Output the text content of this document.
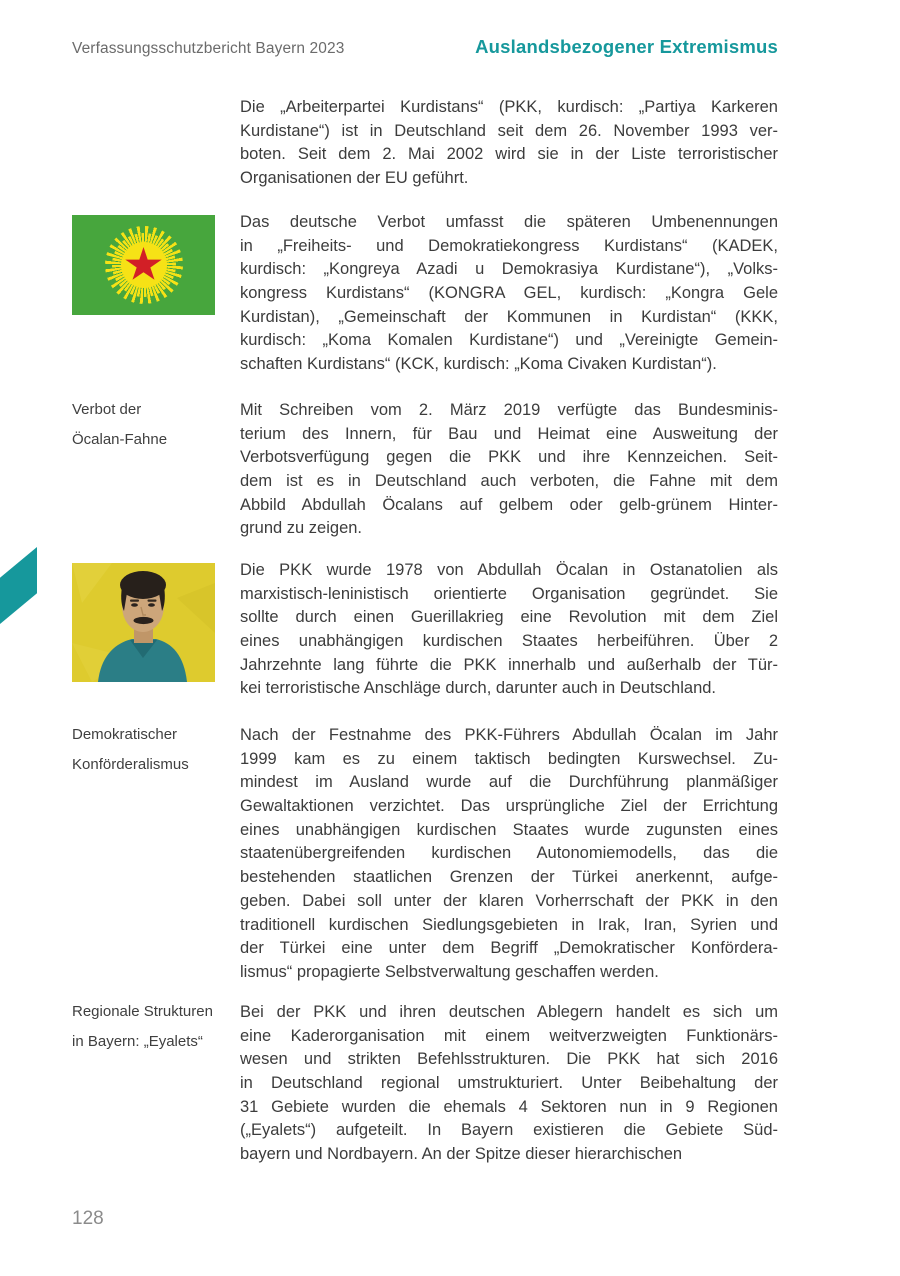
Verfassungsschutzbericht Bayern 2023	Auslandsbezogener Extremismus
Verbot der
Öcalan-Fahne
Demokratischer
Konförderalismus
Regionale Strukturen
in Bayern: „Eyalets“
Die „Arbeiterpartei Kurdistans“ (PKK, kurdisch: „Partiya Karkeren
Kurdistane“) ist in Deutschland seit dem 26. November 1993 ver-
boten. Seit dem 2. Mai 2002 wird sie in der Liste terroristischer
Organisationen der EU geführt.
Das deutsche Verbot umfasst die späteren Umbenennungen
in „Freiheits- und Demokratiekongress Kurdistans“ (KADEK,
kurdisch: „Kongreya Azadi u Demokrasiya Kurdistane“), „Volks-
kongress Kurdistans“ (KONGRA GEL, kurdisch: „Kongra Gele
Kurdistan), „Gemeinschaft der Kommunen in Kurdistan“ (KKK,
kurdisch: „Koma Komalen Kurdistane“) und „Vereinigte Gemein-
schaften Kurdistans“ (KCK, kurdisch: „Koma Civaken Kurdistan“).
Mit Schreiben vom 2. März 2019 verfügte das Bundesminis-
terium des Innern, für Bau und Heimat eine Ausweitung der
Verbotsverfügung gegen die PKK und ihre Kennzeichen. Seit-
dem ist es in Deutschland auch verboten, die Fahne mit dem
Abbild Abdullah Öcalans auf gelbem oder gelb-grünem Hinter-
grund zu zeigen.
Die PKK wurde 1978 von Abdullah Öcalan in Ostanatolien als
marxistisch-leninistisch orientierte Organisation gegründet. Sie
sollte durch einen Guerillakrieg eine Revolution mit dem Ziel
eines unabhängigen kurdischen Staates herbeiführen. Über 2
Jahrzehnte lang führte die PKK innerhalb und außerhalb der Tür-
kei terroristische Anschläge durch, darunter auch in Deutschland.
Nach der Festnahme des PKK-Führers Abdullah Öcalan im Jahr
1999 kam es zu einem taktisch bedingten Kurswechsel. Zu-
mindest im Ausland wurde auf die Durchführung planmäßiger
Gewaltaktionen verzichtet. Das ursprüngliche Ziel der Errichtung
eines unabhängigen kurdischen Staates wurde zugunsten eines
staatenübergreifenden kurdischen Autonomiemodells, das die
bestehenden staatlichen Grenzen der Türkei anerkennt, aufge-
geben. Dabei soll unter der klaren Vorherrschaft der PKK in den
traditionell kurdischen Siedlungsgebieten in Irak, Iran, Syrien und
der Türkei eine unter dem Begriff „Demokratischer Konfördera-
lismus“ propagierte Selbstverwaltung geschaffen werden.
Bei der PKK und ihren deutschen Ablegern handelt es sich um
eine Kaderorganisation mit einem weitverzweigten Funktionärs-
wesen und strikten Befehlsstrukturen. Die PKK hat sich 2016
in Deutschland regional umstrukturiert. Unter Beibehaltung der
31 Gebiete wurden die ehemals 4 Sektoren nun in 9 Regionen
(„Eyalets“) aufgeteilt. In Bayern existieren die Gebiete Süd-
bayern und Nordbayern. An der Spitze dieser hierarchischen
128
